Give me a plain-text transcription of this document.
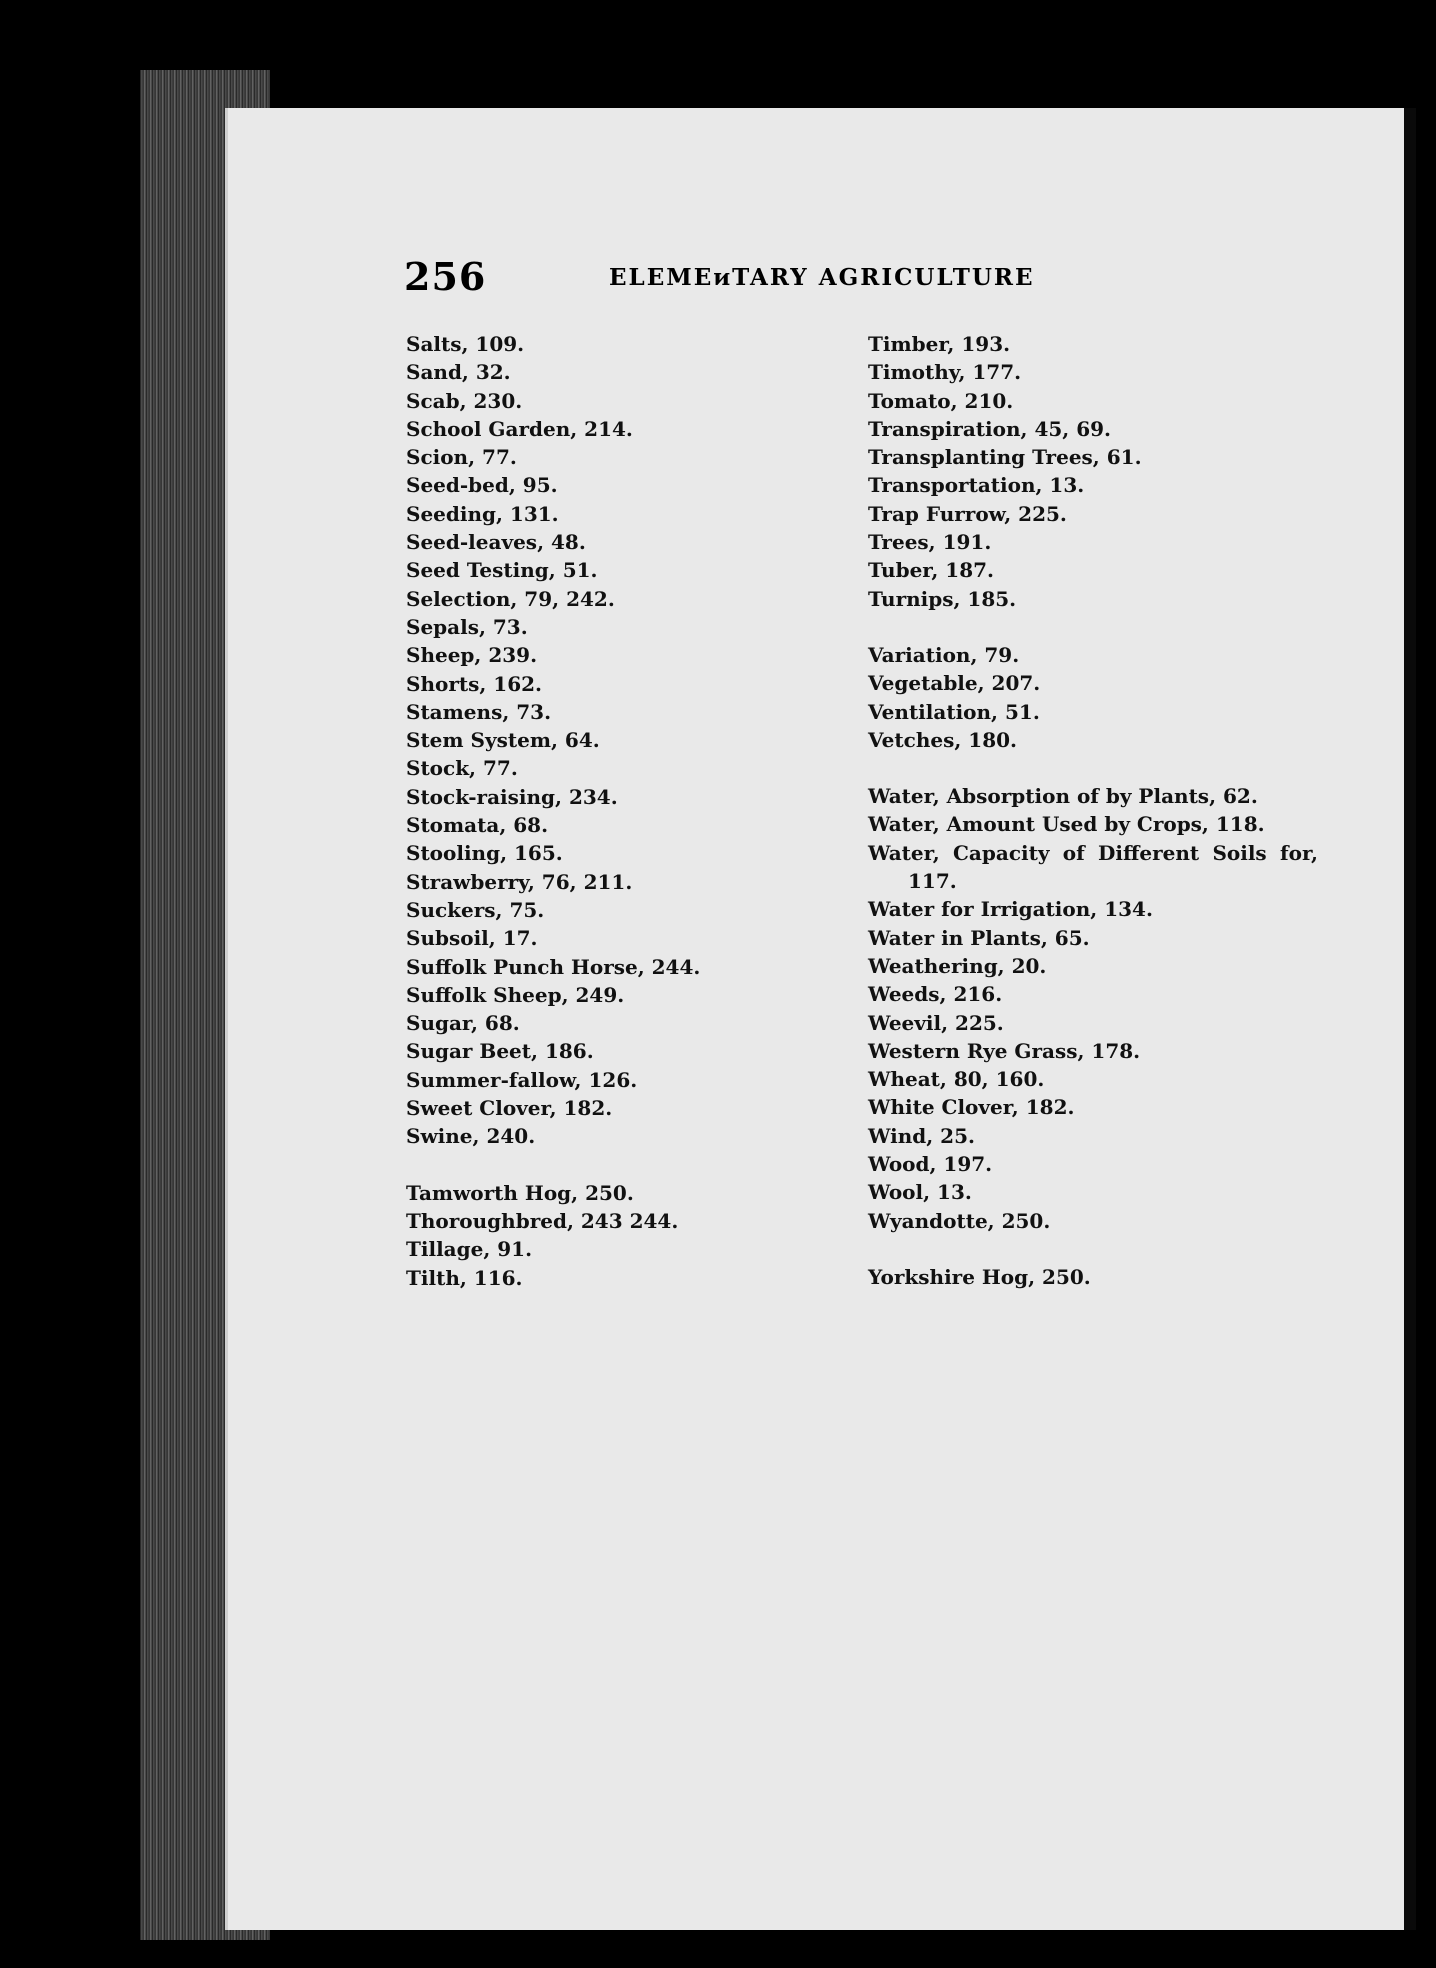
256	ELEMEᴎTARY AGRICULTURE
Salts, 109.
Sand, 32.
Scab, 230.
School Garden, 214.
Scion, 77.
Seed-bed, 95.
Seeding, 131.
Seed-leaves, 48.
Seed Testing, 51.
Selection, 79, 242.
Sepals, 73.
Sheep, 239.
Shorts, 162.
Stamens, 73.
Stem System, 64.
Stock, 77.
Stock-raising, 234.
Stomata, 68.
Stooling, 165.
Strawberry, 76, 211.
Suckers, 75.
Subsoil, 17.
Suffolk Punch Horse, 244.
Suffolk Sheep, 249.
Sugar, 68.
Sugar Beet, 186.
Summer-fallow, 126.
Sweet Clover, 182.
Swine, 240.
Tamworth Hog, 250.
Thoroughbred, 243 244.
Tillage, 91.
Tilth, 116.
Timber, 193.
Timothy, 177.
Tomato, 210.
Transpiration, 45, 69.
Transplanting Trees, 61.
Transportation, 13.
Trap Furrow, 225.
Trees, 191.
Tuber, 187.
Turnips, 185.
Variation, 79.
Vegetable, 207.
Ventilation, 51.
Vetches, 180.
Water, Absorption of by Plants, 62.
Water, Amount Used by Crops, 118.
Water, Capacity of Different Soils for, 117.
Water for Irrigation, 134.
Water in Plants, 65.
Weathering, 20.
Weeds, 216.
Weevil, 225.
Western Rye Grass, 178.
Wheat, 80, 160.
White Clover, 182.
Wind, 25.
Wood, 197.
Wool, 13.
Wyandotte, 250.
Yorkshire Hog, 250.
